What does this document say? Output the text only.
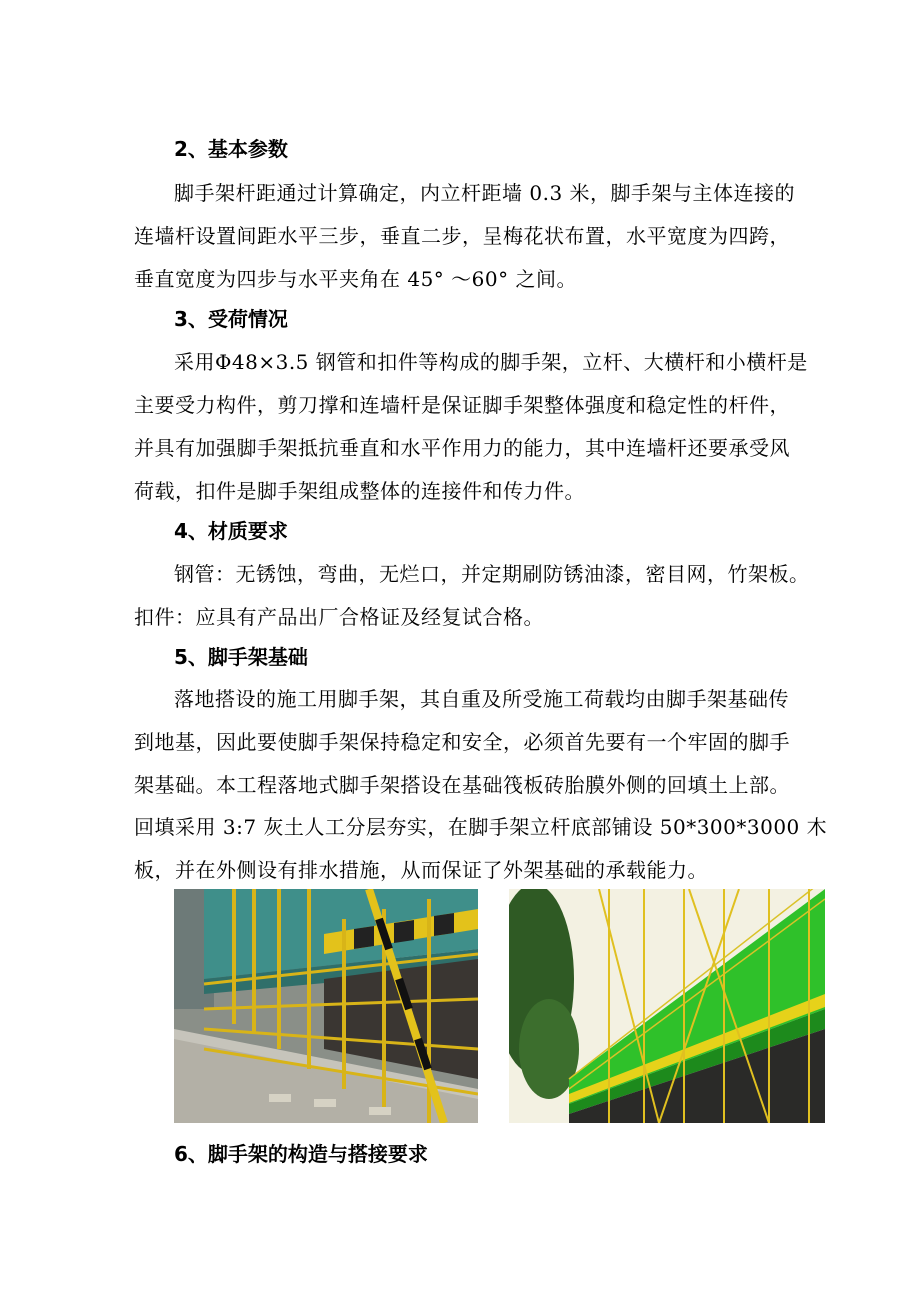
2、基本参数
脚手架杆距通过计算确定，内立杆距墙 0.3 米，脚手架与主体连接的
连墙杆设置间距水平三步，垂直二步，呈梅花状布置，水平宽度为四跨，
垂直宽度为四步与水平夹角在 45° ～60° 之间。
3、受荷情况
采用Φ48×3.5 钢管和扣件等构成的脚手架，立杆、大横杆和小横杆是
主要受力构件，剪刀撑和连墙杆是保证脚手架整体强度和稳定性的杆件，
并具有加强脚手架抵抗垂直和水平作用力的能力，其中连墙杆还要承受风
荷载，扣件是脚手架组成整体的连接件和传力件。
4、材质要求
钢管：无锈蚀，弯曲，无烂口，并定期刷防锈油漆，密目网，竹架板。
扣件：应具有产品出厂合格证及经复试合格。
5、脚手架基础
落地搭设的施工用脚手架，其自重及所受施工荷载均由脚手架基础传
到地基，因此要使脚手架保持稳定和安全，必须首先要有一个牢固的脚手
架基础。本工程落地式脚手架搭设在基础筏板砖胎膜外侧的回填土上部。
回填采用 3:7 灰土人工分层夯实，在脚手架立杆底部铺设 50*300*3000 木
板，并在外侧设有排水措施，从而保证了外架基础的承载能力。
6、脚手架的构造与搭接要求
